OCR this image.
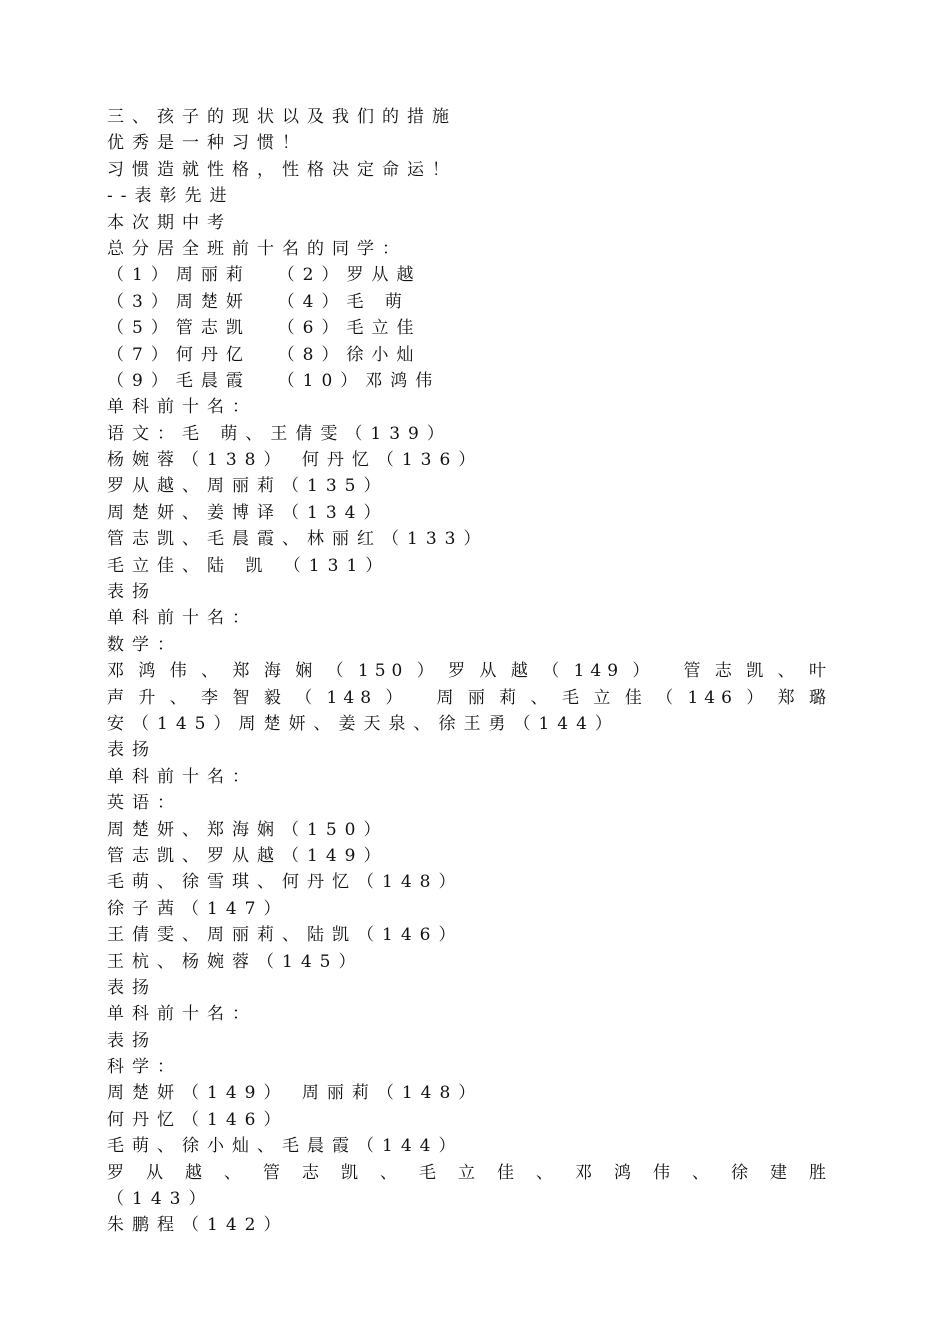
三、孩子的现状以及我们的措施
优秀是一种习惯！
习惯造就性格，性格决定命运！
--表彰先进
本次期中考
总分居全班前十名的同学：
（1）周丽莉  （2）罗从越
（3）周楚妍  （4）毛 萌
（5）管志凯  （6）毛立佳
（7）何丹亿  （8）徐小灿
（9）毛晨霞  （10）邓鸿伟
单科前十名：
语文：毛 萌、王倩雯（139）
杨婉蓉（138） 何丹忆（136）
罗从越、周丽莉（135）
周楚妍、姜博译（134）
管志凯、毛晨霞、林丽红（133）
毛立佳、陆 凯 （131）
表扬
单科前十名：
数学：
邓鸿伟、郑海娴（150）罗从越（149） 管志凯、叶
声升、李智毅（148） 周丽莉、毛立佳（146）郑璐
安（145）周楚妍、姜天泉、徐王勇（144）
表扬
单科前十名：
英语：
周楚妍、郑海娴（150）
管志凯、罗从越（149）
毛萌、徐雪琪、何丹忆（148）
徐子茜（147）
王倩雯、周丽莉、陆凯（146）
王杭、杨婉蓉（145）
表扬
单科前十名：
表扬
科学：
周楚妍（149） 周丽莉（148）
何丹忆（146）
毛萌、徐小灿、毛晨霞（144）
罗从越、管志凯、毛立佳、邓鸿伟、徐建胜
（143）
朱鹏程（142）
